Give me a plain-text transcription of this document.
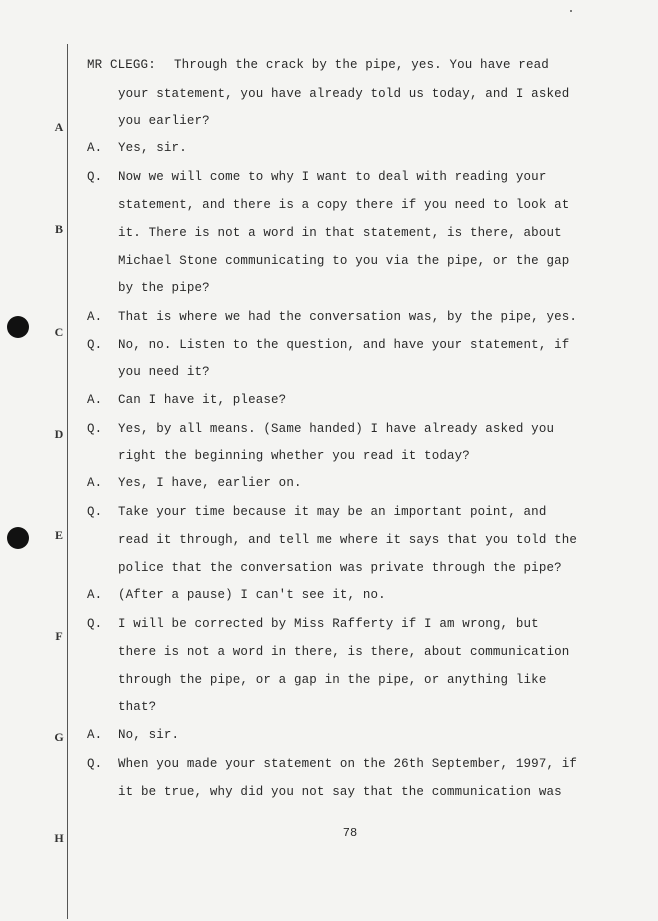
A
B
C
D
E
F
G
H
MR CLEGG: Through the crack by the pipe, yes. You have read
your statement, you have already told us today, and I asked
you earlier?
A. Yes, sir.
Q. Now we will come to why I want to deal with reading your
statement, and there is a copy there if you need to look at
it. There is not a word in that statement, is there, about
Michael Stone communicating to you via the pipe, or the gap
by the pipe?
A. That is where we had the conversation was, by the pipe, yes.
Q. No, no. Listen to the question, and have your statement, if
you need it?
A. Can I have it, please?
Q. Yes, by all means. (Same handed) I have already asked you
right the beginning whether you read it today?
A. Yes, I have, earlier on.
Q. Take your time because it may be an important point, and
read it through, and tell me where it says that you told the
police that the conversation was private through the pipe?
A. (After a pause) I can't see it, no.
Q. I will be corrected by Miss Rafferty if I am wrong, but
there is not a word in there, is there, about communication
through the pipe, or a gap in the pipe, or anything like
that?
A. No, sir.
Q. When you made your statement on the 26th September, 1997, if
it be true, why did you not say that the communication was
78
